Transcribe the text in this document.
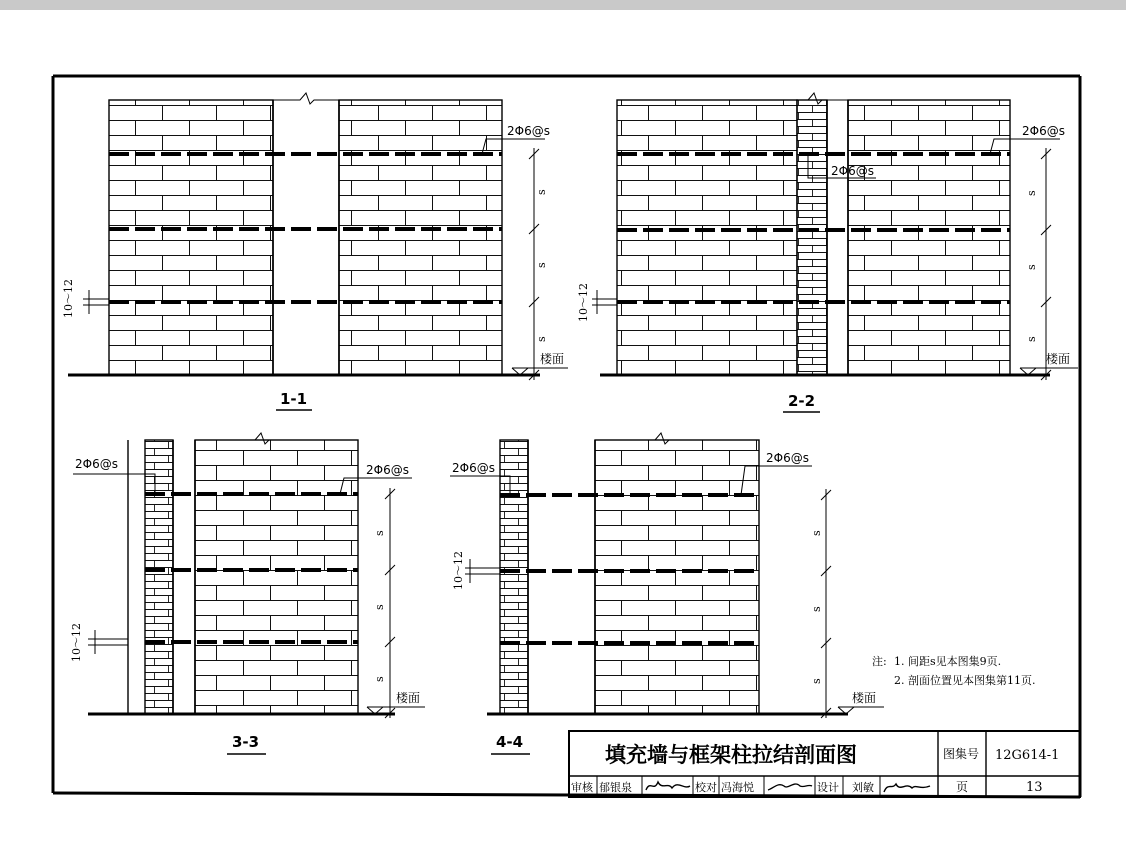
2Φ6@s
s
s
s
楼面
10～12
1-1
2Φ6@s
2Φ6@s
s
s
s
楼面
10～12
2-2
2Φ6@s	2Φ6@s
s
s
s
楼面
10～12
3-3
2Φ6@s
2Φ6@s
s
s
s
楼面
10～12
4-4
注: 1. 间距s见本图集9页.
2. 剖面位置见本图集第11页.
填充墙与框架柱拉结剖面图	图集号 12G614-1
审核 郁银泉	校对 冯海悦	设计 刘敏	页	13
